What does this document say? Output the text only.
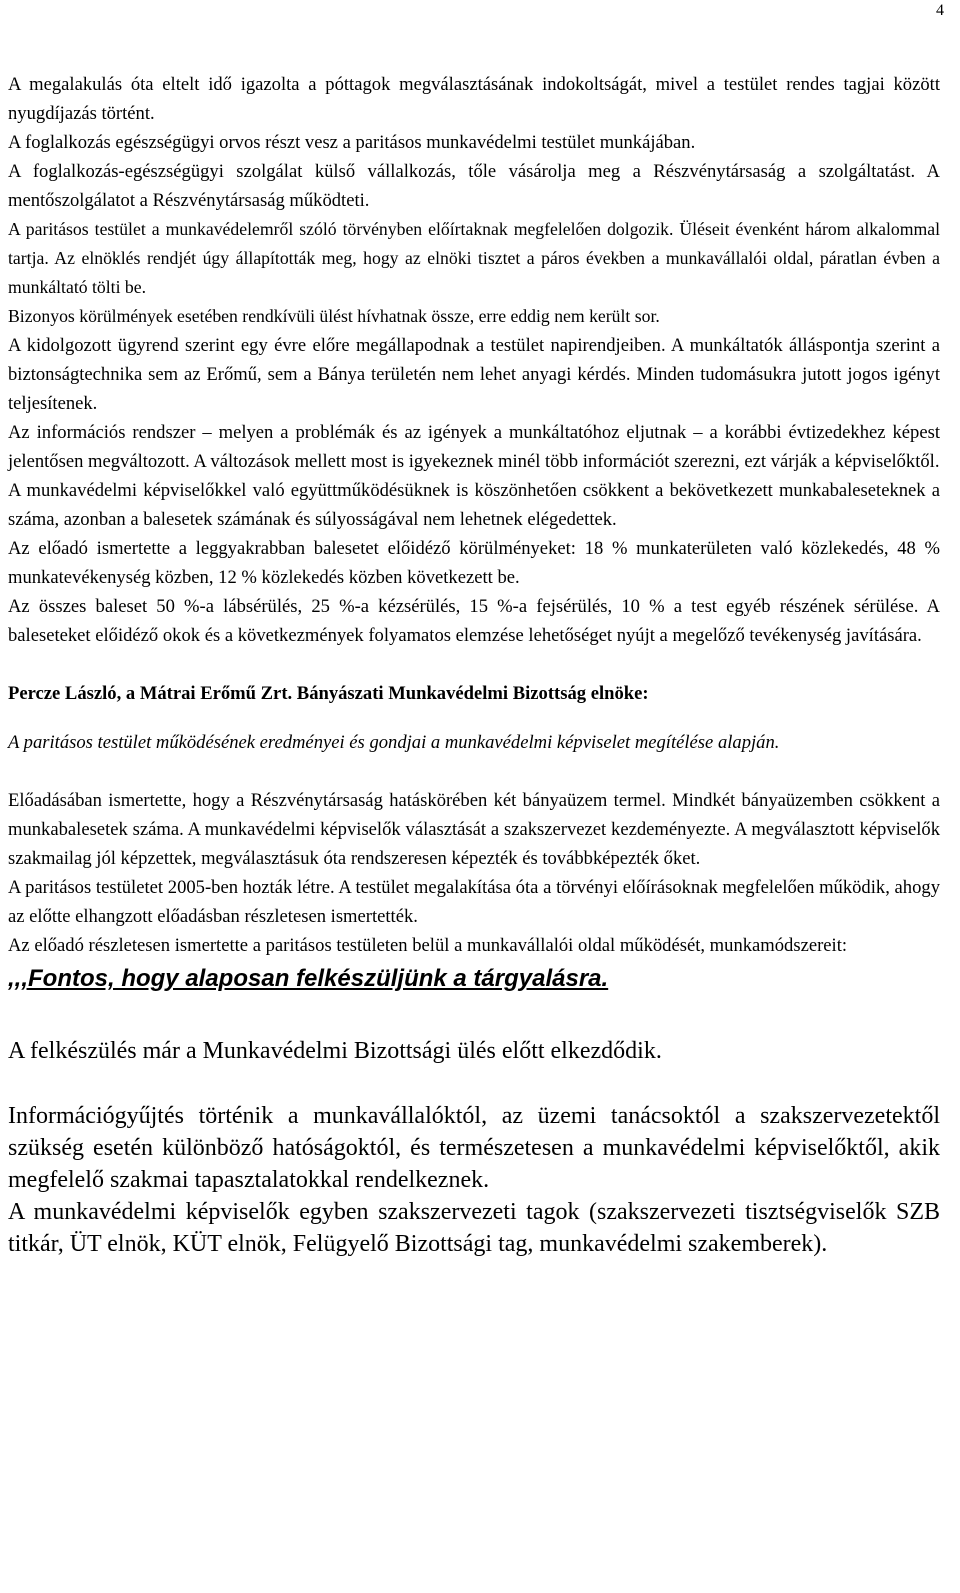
4

A megalakulás óta eltelt idő igazolta a póttagok megválasztásának indokoltságát, mivel a testület rendes tagjai között nyugdíjazás történt.

A foglalkozás egészségügyi orvos részt vesz a paritásos munkavédelmi testület munkájában.

A foglalkozás-egészségügyi szolgálat külső vállalkozás, tőle vásárolja meg a Részvénytársaság a szolgáltatást. A mentőszolgálatot a Részvénytársaság működteti.

A paritásos testület a munkavédelemről szóló törvényben előírtaknak megfelelően dolgozik. Üléseit évenként három alkalommal tartja. Az elnöklés rendjét úgy állapították meg, hogy az elnöki tisztet a páros években a munkavállalói oldal, páratlan évben a munkáltató tölti be.

Bizonyos körülmények esetében rendkívüli ülést hívhatnak össze, erre eddig nem került sor.

A kidolgozott ügyrend szerint egy évre előre megállapodnak a testület napirendjeiben. A munkáltatók álláspontja szerint a biztonságtechnika sem az Erőmű, sem a Bánya területén nem lehet anyagi kérdés. Minden tudomásukra jutott jogos igényt teljesítenek.

Az információs rendszer – melyen a problémák és az igények a munkáltatóhoz eljutnak – a korábbi évtizedekhez képest jelentősen megváltozott. A változások mellett most is igyekeznek minél több információt szerezni, ezt várják a képviselőktől.

A munkavédelmi képviselőkkel való együttműködésüknek is köszönhetően csökkent a bekövetkezett munkabaleseteknek a száma, azonban a balesetek számának és súlyosságával nem lehetnek elégedettek.

Az előadó ismertette a leggyakrabban balesetet előidéző körülményeket: 18 % munkaterületen való közlekedés, 48 % munkatevékenység közben, 12 % közlekedés közben következett be.

Az összes baleset 50 %-a lábsérülés, 25 %-a kézsérülés, 15 %-a fejsérülés, 10 % a test egyéb részének sérülése. A baleseteket előidéző okok és a következmények folyamatos elemzése lehetőséget nyújt a megelőző tevékenység javítására.

Percze László, a Mátrai Erőmű Zrt. Bányászati Munkavédelmi Bizottság elnöke:

A paritásos testület működésének eredményei és gondjai a munkavédelmi képviselet megítélése alapján.

Előadásában ismertette, hogy a Részvénytársaság hatáskörében két bányaüzem termel. Mindkét bányaüzemben csökkent a munkabalesetek száma. A munkavédelmi képviselők választását a szakszervezet kezdeményezte. A megválasztott képviselők szakmailag jól képzettek, megválasztásuk óta rendszeresen képezték és továbbképezték őket.

A paritásos testületet 2005-ben hozták létre. A testület megalakítása óta a törvényi előírásoknak megfelelően működik, ahogy az előtte elhangzott előadásban részletesen ismertették.

Az előadó részletesen ismertette a paritásos testületen belül a munkavállalói oldal működését, munkamódszereit:

,,,Fontos, hogy alaposan felkészüljünk a tárgyalásra.

A felkészülés már a Munkavédelmi Bizottsági ülés előtt elkezdődik.

Információgyűjtés történik a munkavállalóktól, az üzemi tanácsoktól a szakszervezetektől szükség esetén különböző hatóságoktól, és természetesen a munkavédelmi képviselőktől, akik megfelelő szakmai tapasztalatokkal rendelkeznek.

A munkavédelmi képviselők egyben szakszervezeti tagok (szakszervezeti tisztségviselők SZB titkár, ÜT elnök, KÜT elnök, Felügyelő Bizottsági tag, munkavédelmi szakemberek).
